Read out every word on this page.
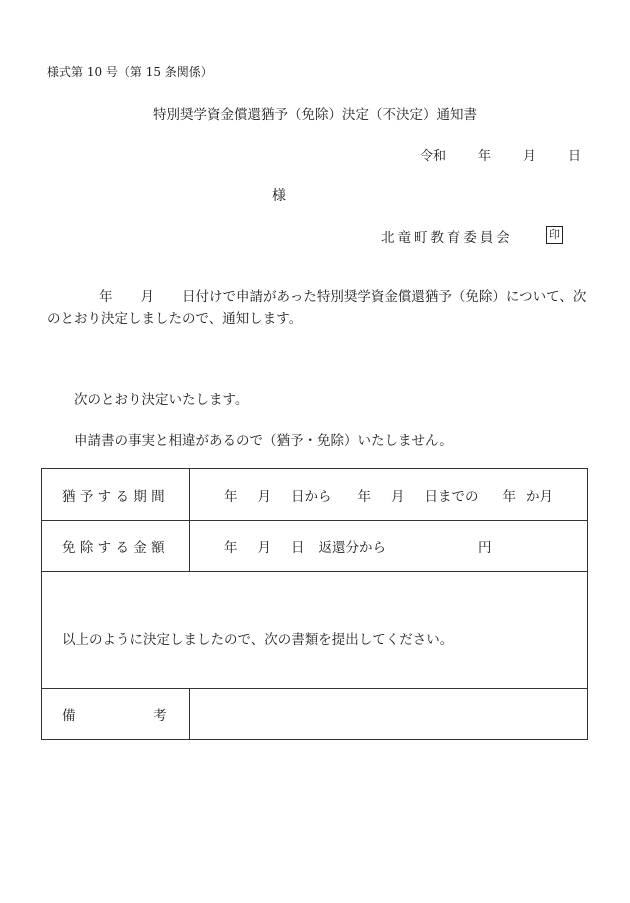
様式第 10 号（第 15 条関係）
特別奨学資金償還猶予（免除）決定（不決定）通知書
令和 年 月 日
様
北竜町教育委員会	印
年 月 日付けで申請があった特別奨学資金償還猶予（免除）について、次のとおり決定しましたので、通知します。
次のとおり決定いたします。
申請書の事実と相違があるので（猶予・免除）いたしません。
猶予する期間	年 月 日から 年 月 日までの 年 か月
免除する金額	年 月 日 返還分から 円
以上のように決定しましたので、次の書類を提出してください。	
備 考	
